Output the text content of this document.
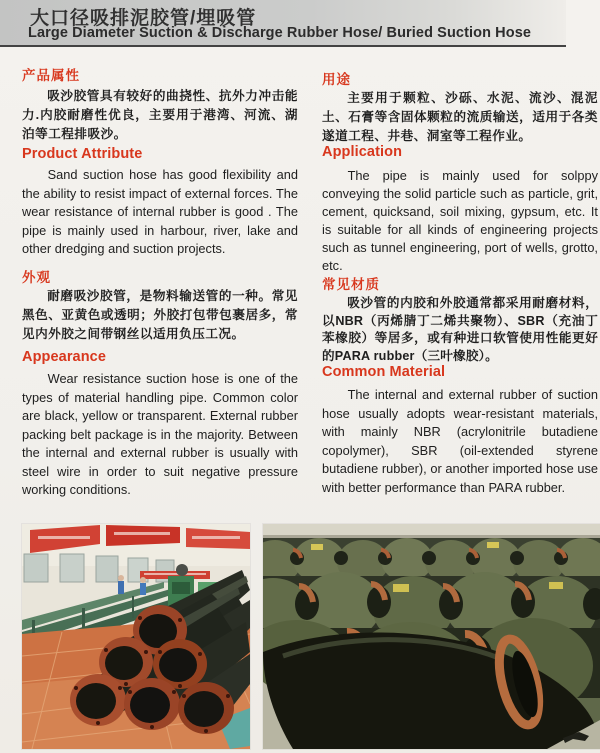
大口径吸排泥胶管/埋吸管
Large Diameter Suction & Discharge Rubber Hose/ Buried Suction Hose
产品属性

吸沙胶管具有较好的曲挠性、抗外力冲击能力.内胶耐磨性优良，主要用于港湾、河流、湖泊等工程排吸沙。

Product Attribute

Sand suction hose has good flexibility and the ability to resist impact of external forces. The wear resistance of internal rubber is good . The pipe is mainly used in harbour, river, lake and other dredging and suction projects.

外观

耐磨吸沙胶管，是物料输送管的一种。常见黑色、亚黄色或透明；外胶打包带包裹居多，常见内外胶之间带钢丝以适用负压工况。

Appearance

Wear resistance suction hose is one of the types of material handling pipe. Common color are black, yellow or transparent. External rubber packing belt package is in the majority. Between the internal and external rubber is usually with steel wire in order to suit negative pressure working conditions.

用途

主要用于颗粒、沙砾、水泥、流沙、混泥土、石膏等含固体颗粒的流质输送，适用于各类遂道工程、井巷、洞室等工程作业。

Application

The pipe is mainly used for solppy conveying the solid particle such as particle, grit, cement, quicksand, soil mixing, gypsum, etc. It is suitable for all kinds of engineering projects such as tunnel engineering, port of wells, grotto, etc.

常见材质

吸沙管的内胶和外胶通常都采用耐磨材料，以NBR（丙烯腈丁二烯共聚物）、SBR（充油丁苯橡胶）等居多，或有种进口软管使用性能更好的PARA rubber（三叶橡胶）。

Common Material

The internal and external rubber of suction hose usually adopts wear-resistant materials, with mainly NBR (acrylonitrile butadiene copolymer), SBR (oil-extended styrene butadiene rubber), or another imported hose use with better performance than PARA rubber.
